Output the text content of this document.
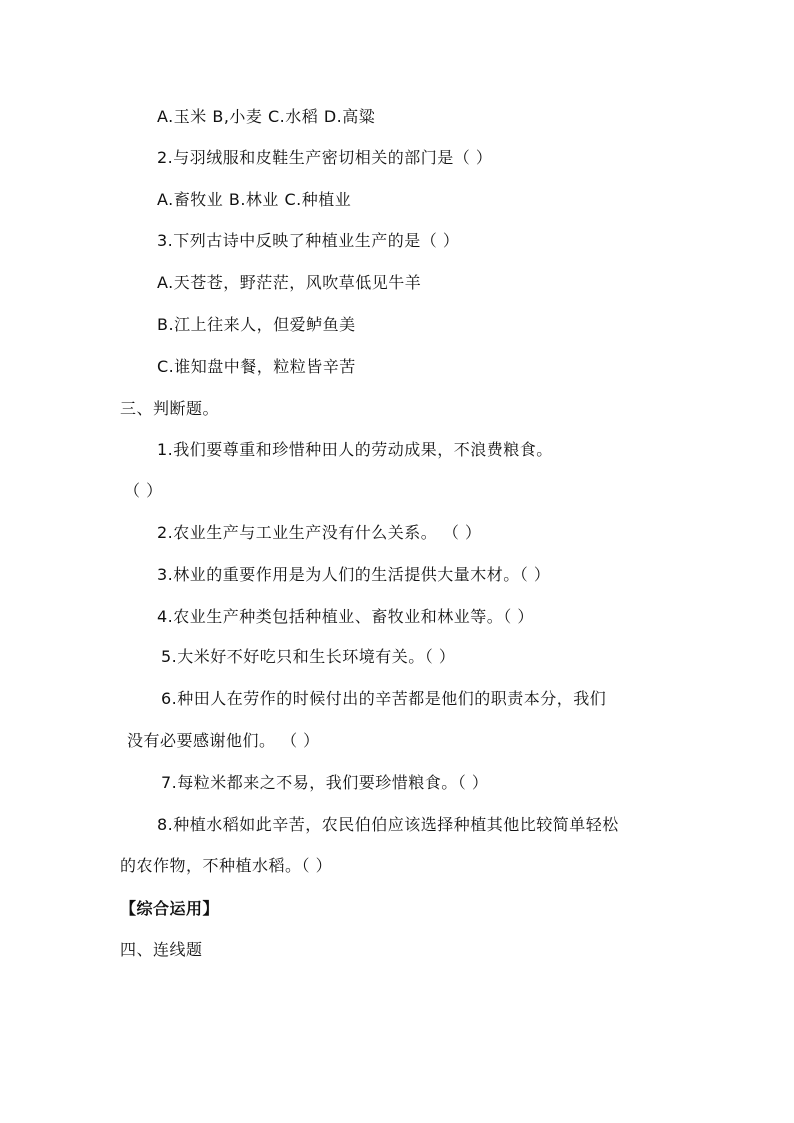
A.玉米 B,小麦 C.水稻 D.高粱
2.与羽绒服和皮鞋生产密切相关的部门是（ ）
A.畜牧业 B.林业 C.种植业
3.下列古诗中反映了种植业生产的是（ ）
A.天苍苍，野茫茫，风吹草低见牛羊
B.江上往来人，但爱鲈鱼美
C.谁知盘中餐，粒粒皆辛苦
三、判断题。
1.我们要尊重和珍惜种田人的劳动成果，不浪费粮食。
（ ）
2.农业生产与工业生产没有什么关系。 （ ）
3.林业的重要作用是为人们的生活提供大量木材。（ ）
4.农业生产种类包括种植业、畜牧业和林业等。（ ）
5.大米好不好吃只和生长环境有关。（ ）
6.种田人在劳作的时候付出的辛苦都是他们的职责本分，我们
没有必要感谢他们。 （ ）
7.每粒米都来之不易，我们要珍惜粮食。（ ）
8.种植水稻如此辛苦，农民伯伯应该选择种植其他比较简单轻松
的农作物，不种植水稻。（ ）
【综合运用】
四、连线题
